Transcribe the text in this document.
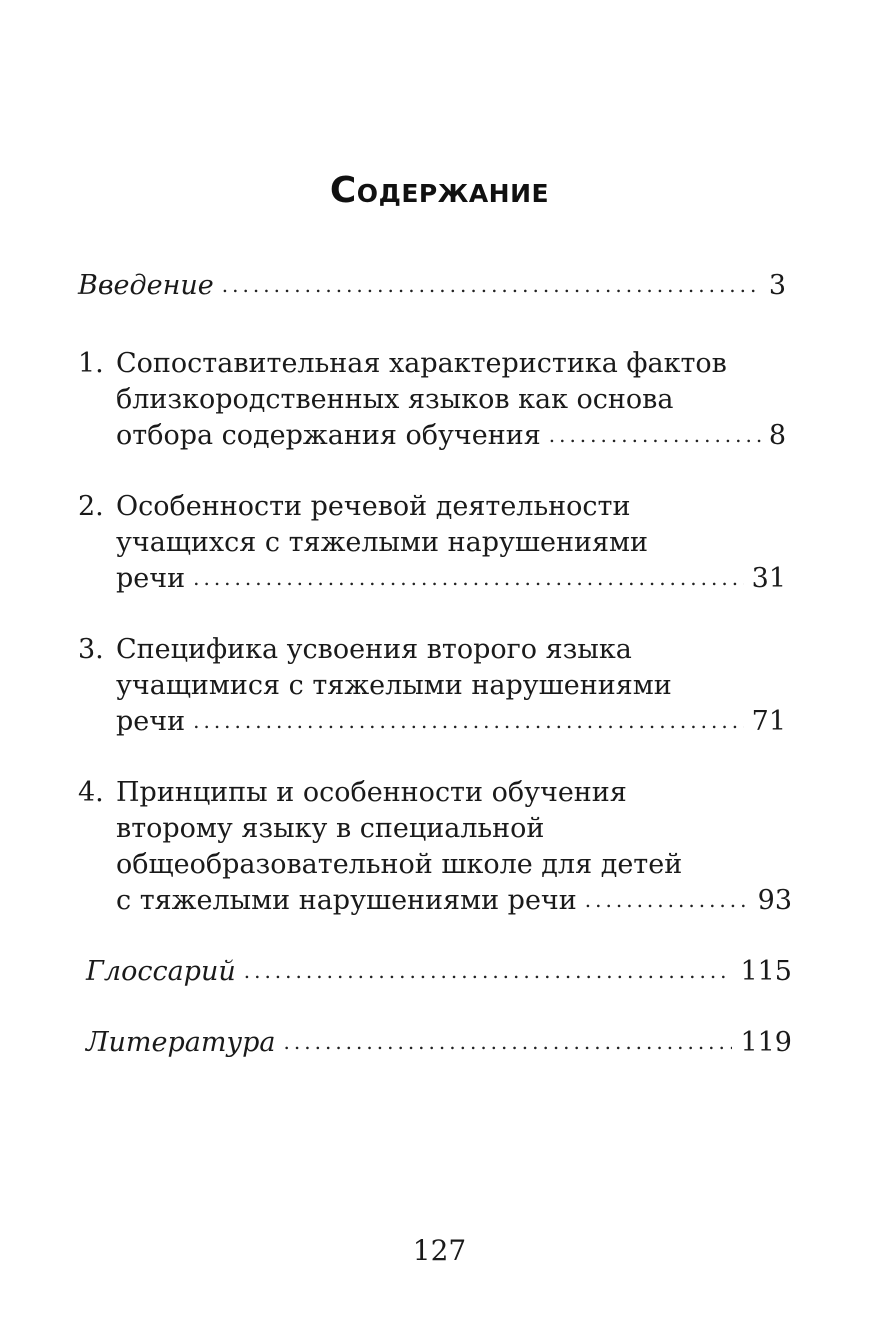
Содержание
Введение .....	3
1. Сопоставительная характеристика фактов
близкородственных языков как основа
отбора содержания обучения .....	8
2. Особенности речевой деятельности
учащихся с тяжелыми нарушениями
речи .....	31
3. Специфика усвоения второго языка
учащимися с тяжелыми нарушениями
речи .....	71
4. Принципы и особенности обучения
второму языку в специальной
общеобразовательной школе для детей
с тяжелыми нарушениями речи .....	93
Глоссарий .....	115
Литература .....	119
127
